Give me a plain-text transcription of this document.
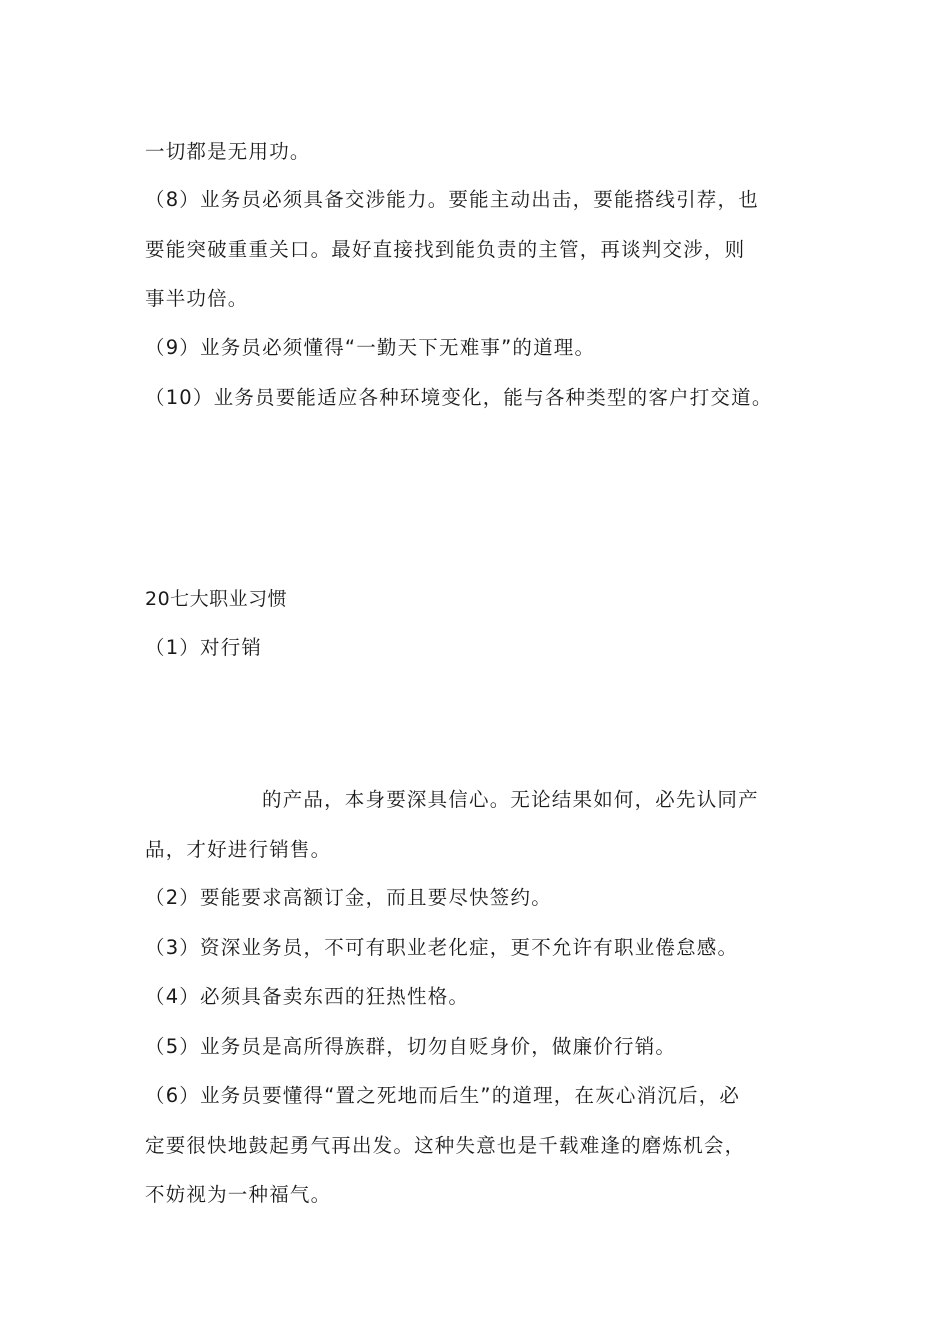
一切都是无用功。
（8）业务员必须具备交涉能力。要能主动出击，要能搭线引荐，也
要能突破重重关口。最好直接找到能负责的主管，再谈判交涉，则
事半功倍。
（9）业务员必须懂得“一勤天下无难事”的道理。
（10）业务员要能适应各种环境变化，能与各种类型的客户打交道。
20七大职业习惯
（1）对行销
的产品，本身要深具信心。无论结果如何，必先认同产
品，才好进行销售。
（2）要能要求高额订金，而且要尽快签约。
（3）资深业务员，不可有职业老化症，更不允许有职业倦怠感。
（4）必须具备卖东西的狂热性格。
（5）业务员是高所得族群，切勿自贬身价，做廉价行销。
（6）业务员要懂得“置之死地而后生”的道理，在灰心消沉后，必
定要很快地鼓起勇气再出发。这种失意也是千载难逢的磨炼机会，
不妨视为一种福气。
